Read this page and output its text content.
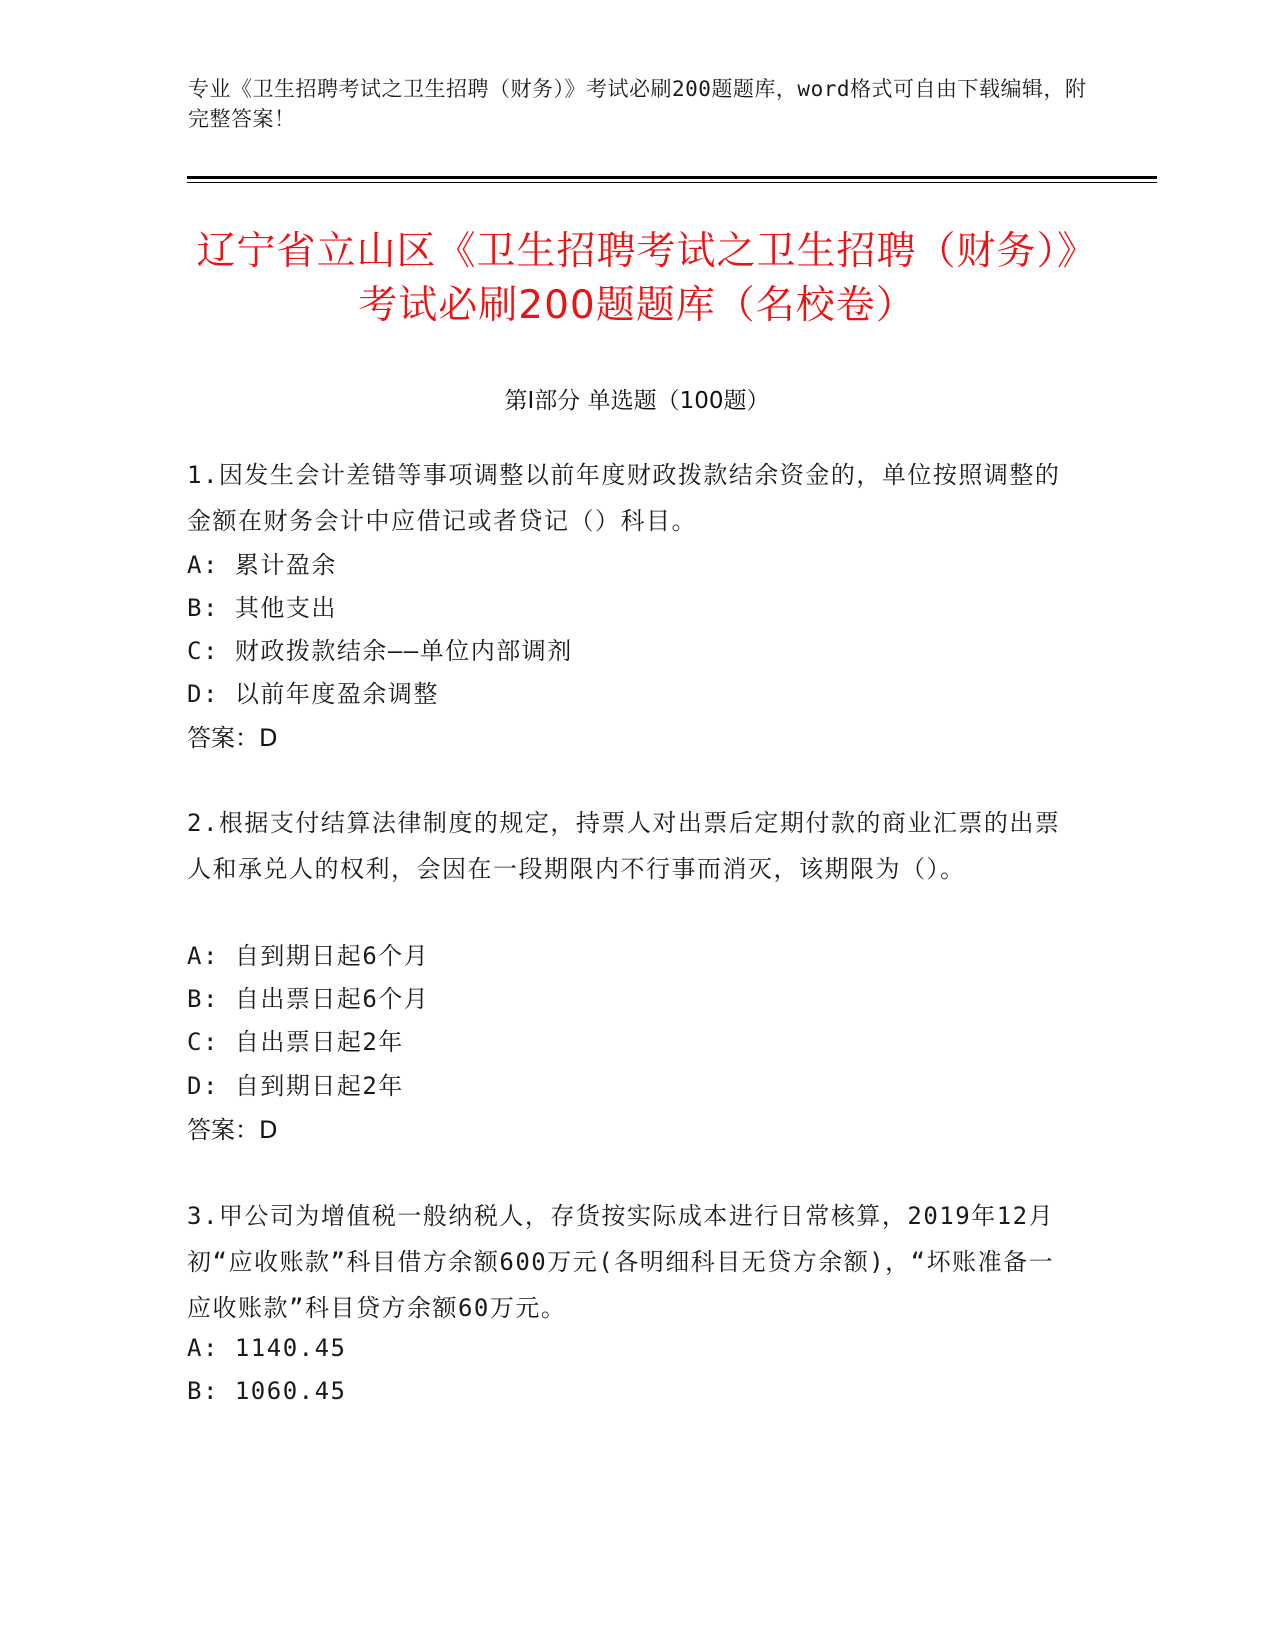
专业《卫生招聘考试之卫生招聘（财务）》考试必刷200题题库，word格式可自由下载编辑，附完整答案！
辽宁省立山区《卫生招聘考试之卫生招聘（财务）》考试必刷200题题库（名校卷）
第Ⅰ部分 单选题（100题）
1.因发生会计差错等事项调整以前年度财政拨款结余资金的，单位按照调整的金额在财务会计中应借记或者贷记（）科目。
A: 累计盈余
B: 其他支出
C: 财政拨款结余——单位内部调剂
D: 以前年度盈余调整
答案：D
2.根据支付结算法律制度的规定，持票人对出票后定期付款的商业汇票的出票人和承兑人的权利，会因在一段期限内不行事而消灭，该期限为（）。
A: 自到期日起6个月
B: 自出票日起6个月
C: 自出票日起2年
D: 自到期日起2年
答案：D
3.甲公司为增值税一般纳税人，存货按实际成本进行日常核算，2019年12月初“应收账款”科目借方余额600万元(各明细科目无贷方余额)，“坏账准备一应收账款”科目贷方余额60万元。
A: 1140.45
B: 1060.45
